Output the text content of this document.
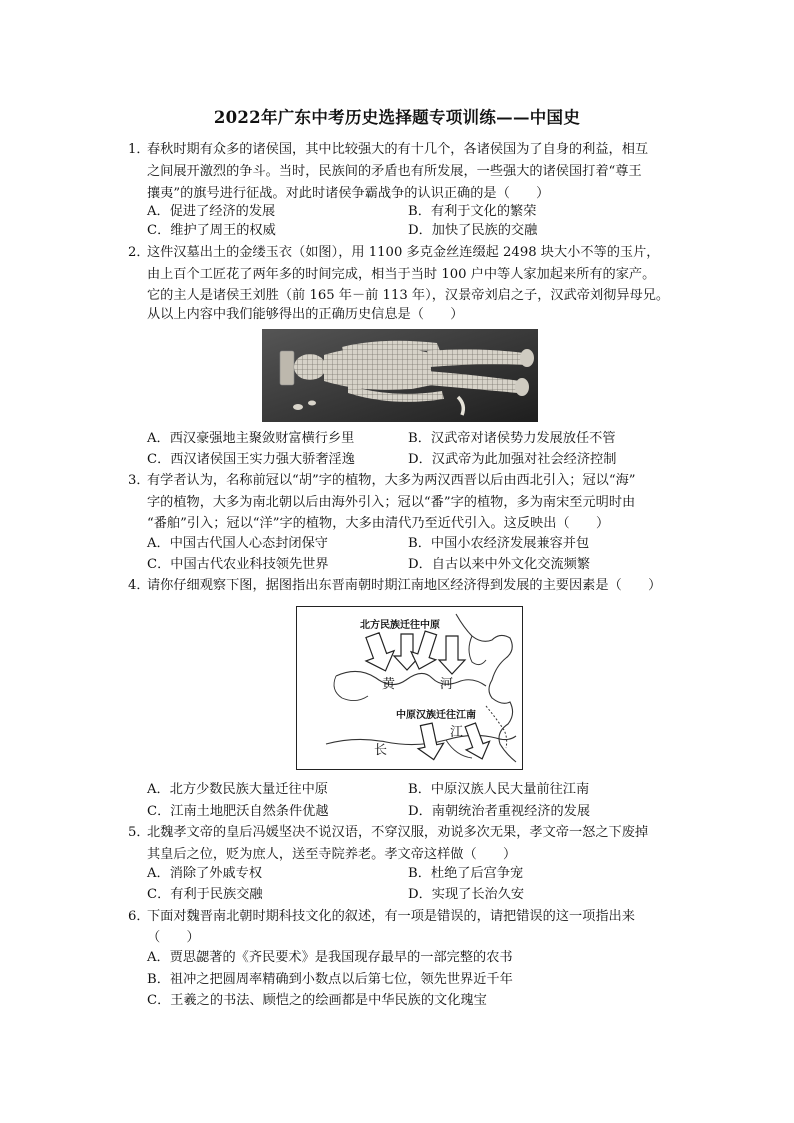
2022年广东中考历史选择题专项训练——中国史
1．
春秋时期有众多的诸侯国，其中比较强大的有十几个，各诸侯国为了自身的利益，相互
之间展开激烈的争斗。当时，民族间的矛盾也有所发展，一些强大的诸侯国打着“尊王
攘夷”的旗号进行征战。对此时诸侯争霸战争的认识正确的是（　　）
A．促进了经济的发展	B．有利于文化的繁荣
C．维护了周王的权威	D．加快了民族的交融
2．
这件汉墓出土的金缕玉衣（如图），用 1100 多克金丝连缀起 2498 块大小不等的玉片，
由上百个工匠花了两年多的时间完成，相当于当时 100 户中等人家加起来所有的家产。
它的主人是诸侯王刘胜（前 165 年－前 113 年），汉景帝刘启之子，汉武帝刘彻异母兄。
从以上内容中我们能够得出的正确历史信息是（　　）
A．西汉豪强地主聚敛财富横行乡里	B．汉武帝对诸侯势力发展放任不管
C．西汉诸侯国王实力强大骄奢淫逸	D．汉武帝为此加强对社会经济控制
3．
有学者认为，名称前冠以“胡”字的植物，大多为两汉西晋以后由西北引入；冠以“海”
字的植物，大多为南北朝以后由海外引入；冠以“番”字的植物，多为南宋至元明时由
“番舶”引入；冠以“洋”字的植物，大多由清代乃至近代引入。这反映出（　　）
A．中国古代国人心态封闭保守	B．中国小农经济发展兼容并包
C．中国古代农业科技领先世界	D．自古以来中外文化交流频繁
4．
请你仔细观察下图，据图指出东晋南朝时期江南地区经济得到发展的主要因素是（　　）
北方民族迁往中原
中原汉族迁往江南
黄	河
长
江
A．北方少数民族大量迁往中原	B．中原汉族人民大量前往江南
C．江南土地肥沃自然条件优越	D．南朝统治者重视经济的发展
5．
北魏孝文帝的皇后冯媛坚决不说汉语，不穿汉服，劝说多次无果，孝文帝一怒之下废掉
其皇后之位，贬为庶人，送至寺院养老。孝文帝这样做（　　）
A．消除了外戚专权	B．杜绝了后宫争宠
C．有利于民族交融	D．实现了长治久安
6．
下面对魏晋南北朝时期科技文化的叙述，有一项是错误的，请把错误的这一项指出来
（　　）
A．贾思勰著的《齐民要术》是我国现存最早的一部完整的农书
B．祖冲之把圆周率精确到小数点以后第七位，领先世界近千年
C．王羲之的书法、顾恺之的绘画都是中华民族的文化瑰宝
